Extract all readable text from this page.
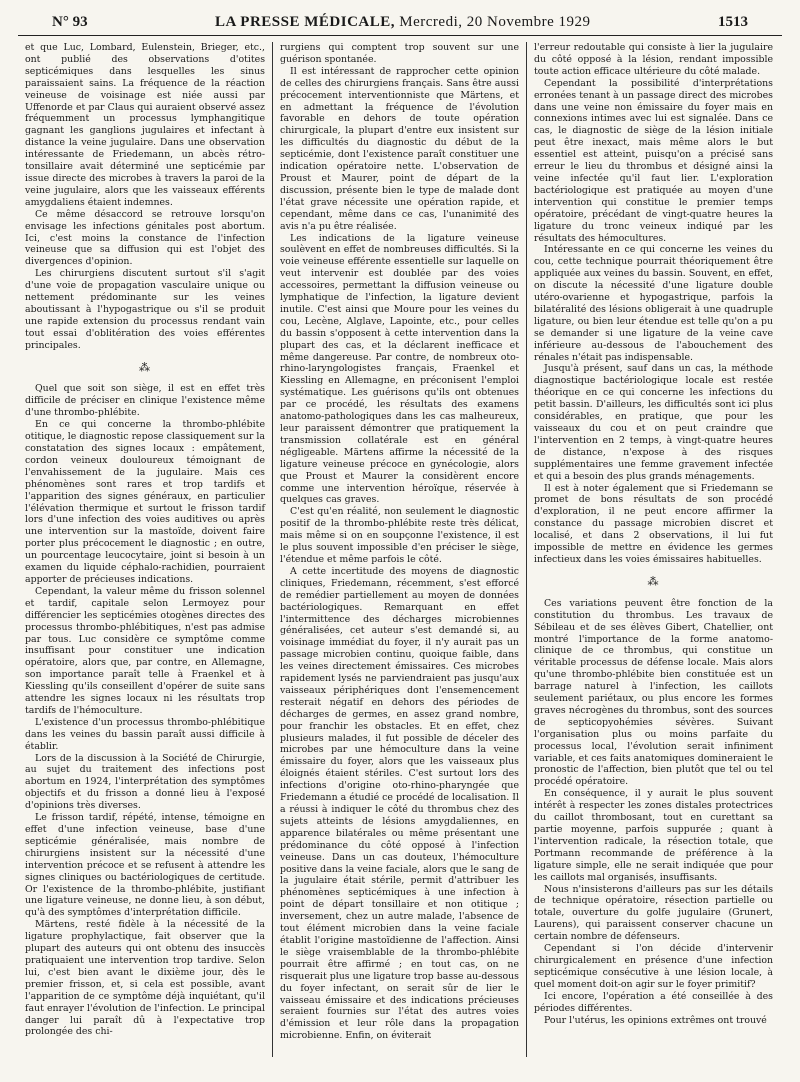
N° 93	LA PRESSE MÉDICALE, Mercredi, 20 Novembre 1929	1513

et que Luc, Lombard, Eulenstein, Brieger, etc., ont publié des observations d'otites septicémiques dans lesquelles les sinus paraissaient sains. La fréquence de la réaction veineuse de voisinage est niée aussi par Uffenorde et par Claus qui auraient observé assez fréquemment un processus lymphangitique gagnant les ganglions jugulaires et infectant à distance la veine jugulaire. Dans une observation intéressante de Friedemann, un abcès rétro-tonsillaire avait déterminé une septicémie par issue directe des microbes à travers la paroi de la veine jugulaire, alors que les vaisseaux efférents amygdaliens étaient indemnes.

Ce même désaccord se retrouve lorsqu'on envisage les infections génitales post abortum. Ici, c'est moins la constance de l'infection veineuse que sa diffusion qui est l'objet des divergences d'opinion.

Les chirurgiens discutent surtout s'il s'agit d'une voie de propagation vasculaire unique ou nettement prédominante sur les veines aboutissant à l'hypogastrique ou s'il se produit une rapide extension du processus rendant vain tout essai d'oblitération des voies efférentes principales.

⁂

Quel que soit son siège, il est en effet très difficile de préciser en clinique l'existence même d'une thrombo-phlébite.

En ce qui concerne la thrombo-phlébite otitique, le diagnostic repose classiquement sur la constatation des signes locaux : empâtement, cordon veineux douloureux témoignant de l'envahissement de la jugulaire. Mais ces phénomènes sont rares et trop tardifs et l'apparition des signes généraux, en particulier l'élévation thermique et surtout le frisson tardif lors d'une infection des voies auditives ou après une intervention sur la mastoïde, doivent faire porter plus précocement le diagnostic ; en outre, un pourcentage leucocytaire, joint si besoin à un examen du liquide céphalo-rachidien, pourraient apporter de précieuses indications.

Cependant, la valeur même du frisson solennel et tardif, capitale selon Lermoyez pour différencier les septicémies otogènes directes des processus thrombo-phlébitiques, n'est pas admise par tous. Luc considère ce symptôme comme insuffisant pour constituer une indication opératoire, alors que, par contre, en Allemagne, son importance paraît telle à Fraenkel et à Kiessling qu'ils conseillent d'opérer de suite sans attendre les signes locaux ni les résultats trop tardifs de l'hémoculture.

L'existence d'un processus thrombo-phlébitique dans les veines du bassin paraît aussi difficile à établir.

Lors de la discussion à la Société de Chirurgie, au sujet du traitement des infections post abortum en 1924, l'interprétation des symptômes objectifs et du frisson a donné lieu à l'exposé d'opinions très diverses.

Le frisson tardif, répété, intense, témoigne en effet d'une infection veineuse, base d'une septicémie généralisée, mais nombre de chirurgiens insistent sur la nécessité d'une intervention précoce et se refusent à attendre les signes cliniques ou bactériologiques de certitude. Or l'existence de la thrombo-phlébite, justifiant une ligature veineuse, ne donne lieu, à son début, qu'à des symptômes d'interprétation difficile.

Märtens, resté fidèle à la nécessité de la ligature prophylactique, fait observer que la plupart des auteurs qui ont obtenu des insuccès pratiquaient une intervention trop tardive. Selon lui, c'est bien avant le dixième jour, dès le premier frisson, et, si cela est possible, avant l'apparition de ce symptôme déjà inquiétant, qu'il faut enrayer l'évolution de l'infection. Le principal danger lui paraît dû à l'expectative trop prolongée des chi-

rurgiens qui comptent trop souvent sur une guérison spontanée.

Il est intéressant de rapprocher cette opinion de celles des chirurgiens français. Sans être aussi précocement interventionniste que Märtens, et en admettant la fréquence de l'évolution favorable en dehors de toute opération chirurgicale, la plupart d'entre eux insistent sur les difficultés du diagnostic du début de la septicémie, dont l'existence paraît constituer une indication opératoire nette. L'observation de Proust et Maurer, point de départ de la discussion, présente bien le type de malade dont l'état grave nécessite une opération rapide, et cependant, même dans ce cas, l'unanimité des avis n'a pu être réalisée.

Les indications de la ligature veineuse soulèvent en effet de nombreuses difficultés. Si la voie veineuse efférente essentielle sur laquelle on veut intervenir est doublée par des voies accessoires, permettant la diffusion veineuse ou lymphatique de l'infection, la ligature devient inutile. C'est ainsi que Moure pour les veines du cou, Lecène, Alglave, Lapointe, etc., pour celles du bassin s'opposent à cette intervention dans la plupart des cas, et la déclarent inefficace et même dangereuse. Par contre, de nombreux oto-rhino-laryngologistes français, Fraenkel et Kiessling en Allemagne, en préconisent l'emploi systématique. Les guérisons qu'ils ont obtenues par ce procédé, les résultats des examens anatomo-pathologiques dans les cas malheureux, leur paraissent démontrer que pratiquement la transmission collatérale est en général négligeable. Märtens affirme la nécessité de la ligature veineuse précoce en gynécologie, alors que Proust et Maurer la considèrent encore comme une intervention héroïque, réservée à quelques cas graves.

C'est qu'en réalité, non seulement le diagnostic positif de la thrombo-phlébite reste très délicat, mais même si on en soupçonne l'existence, il est le plus souvent impossible d'en préciser le siège, l'étendue et même parfois le côté.

A cette incertitude des moyens de diagnostic cliniques, Friedemann, récemment, s'est efforcé de remédier partiellement au moyen de données bactériologiques. Remarquant en effet l'intermittence des décharges microbiennes généralisées, cet auteur s'est demandé si, au voisinage immédiat du foyer, il n'y aurait pas un passage microbien continu, quoique faible, dans les veines directement émissaires. Ces microbes rapidement lysés ne parviendraient pas jusqu'aux vaisseaux périphériques dont l'ensemencement resterait négatif en dehors des périodes de décharges de germes, en assez grand nombre, pour franchir les obstacles. Et en effet, chez plusieurs malades, il fut possible de déceler des microbes par une hémoculture dans la veine émissaire du foyer, alors que les vaisseaux plus éloignés étaient stériles. C'est surtout lors des infections d'origine oto-rhino-pharyngée que Friedemann a étudié ce procédé de localisation. Il a réussi à indiquer le côté du thrombus chez des sujets atteints de lésions amygdaliennes, en apparence bilatérales ou même présentant une prédominance du côté opposé à l'infection veineuse. Dans un cas douteux, l'hémoculture positive dans la veine faciale, alors que le sang de la jugulaire était stérile, permit d'attribuer les phénomènes septicémiques à une infection à point de départ tonsillaire et non otitique ; inversement, chez un autre malade, l'absence de tout élément microbien dans la veine faciale établit l'origine mastoïdienne de l'affection. Ainsi le siège vraisemblable de la thrombo-phlébite pourrait être affirmé ; en tout cas, on ne risquerait plus une ligature trop basse au-dessous du foyer infectant, on serait sûr de lier le vaisseau émissaire et des indications précieuses seraient fournies sur l'état des autres voies d'émission et leur rôle dans la propagation microbienne. Enfin, on éviterait

l'erreur redoutable qui consiste à lier la jugulaire du côté opposé à la lésion, rendant impossible toute action efficace ultérieure du côté malade.

Cependant la possibilité d'interprétations erronées tenant à un passage direct des microbes dans une veine non émissaire du foyer mais en connexions intimes avec lui est signalée. Dans ce cas, le diagnostic de siège de la lésion initiale peut être inexact, mais même alors le but essentiel est atteint, puisqu'on a précisé sans erreur le lieu du thrombus et désigné ainsi la veine infectée qu'il faut lier. L'exploration bactériologique est pratiquée au moyen d'une intervention qui constitue le premier temps opératoire, précédant de vingt-quatre heures la ligature du tronc veineux indiqué par les résultats des hémocultures.

Intéressante en ce qui concerne les veines du cou, cette technique pourrait théoriquement être appliquée aux veines du bassin. Souvent, en effet, on discute la nécessité d'une ligature double utéro-ovarienne et hypogastrique, parfois la bilatéralité des lésions obligerait à une quadruple ligature, ou bien leur étendue est telle qu'on a pu se demander si une ligature de la veine cave inférieure au-dessous de l'abouchement des rénales n'était pas indispensable.

Jusqu'à présent, sauf dans un cas, la méthode diagnostique bactériologique locale est restée théorique en ce qui concerne les infections du petit bassin. D'ailleurs, les difficultés sont ici plus considérables, en pratique, que pour les vaisseaux du cou et on peut craindre que l'intervention en 2 temps, à vingt-quatre heures de distance, n'expose à des risques supplémentaires une femme gravement infectée et qui a besoin des plus grands ménagements.

Il est à noter également que si Friedemann se promet de bons résultats de son procédé d'exploration, il ne peut encore affirmer la constance du passage microbien discret et localisé, et dans 2 observations, il lui fut impossible de mettre en évidence les germes infectieux dans les voies émissaires habituelles.

⁂

Ces variations peuvent être fonction de la constitution du thrombus. Les travaux de Sébileau et de ses élèves Gibert, Chatellier, ont montré l'importance de la forme anatomo-clinique de ce thrombus, qui constitue un véritable processus de défense locale. Mais alors qu'une thrombo-phlébite bien constituée est un barrage naturel à l'infection, les caillots seulement pariétaux, ou plus encore les formes graves nécrogènes du thrombus, sont des sources de septicopyohémies sévères. Suivant l'organisation plus ou moins parfaite du processus local, l'évolution serait infiniment variable, et ces faits anatomiques domineraient le pronostic de l'affection, bien plutôt que tel ou tel procédé opératoire.

En conséquence, il y aurait le plus souvent intérêt à respecter les zones distales protectrices du caillot thrombosant, tout en curettant sa partie moyenne, parfois suppurée ; quant à l'intervention radicale, la résection totale, que Portmann recommande de préférence à la ligature simple, elle ne serait indiquée que pour les caillots mal organisés, insuffisants.

Nous n'insisterons d'ailleurs pas sur les détails de technique opératoire, résection partielle ou totale, ouverture du golfe jugulaire (Grunert, Laurens), qui paraissent conserver chacune un certain nombre de défenseurs.

Cependant si l'on décide d'intervenir chirurgicalement en présence d'une infection septicémique consécutive à une lésion locale, à quel moment doit-on agir sur le foyer primitif?

Ici encore, l'opération a été conseillée à des périodes différentes.

Pour l'utérus, les opinions extrêmes ont trouvé
